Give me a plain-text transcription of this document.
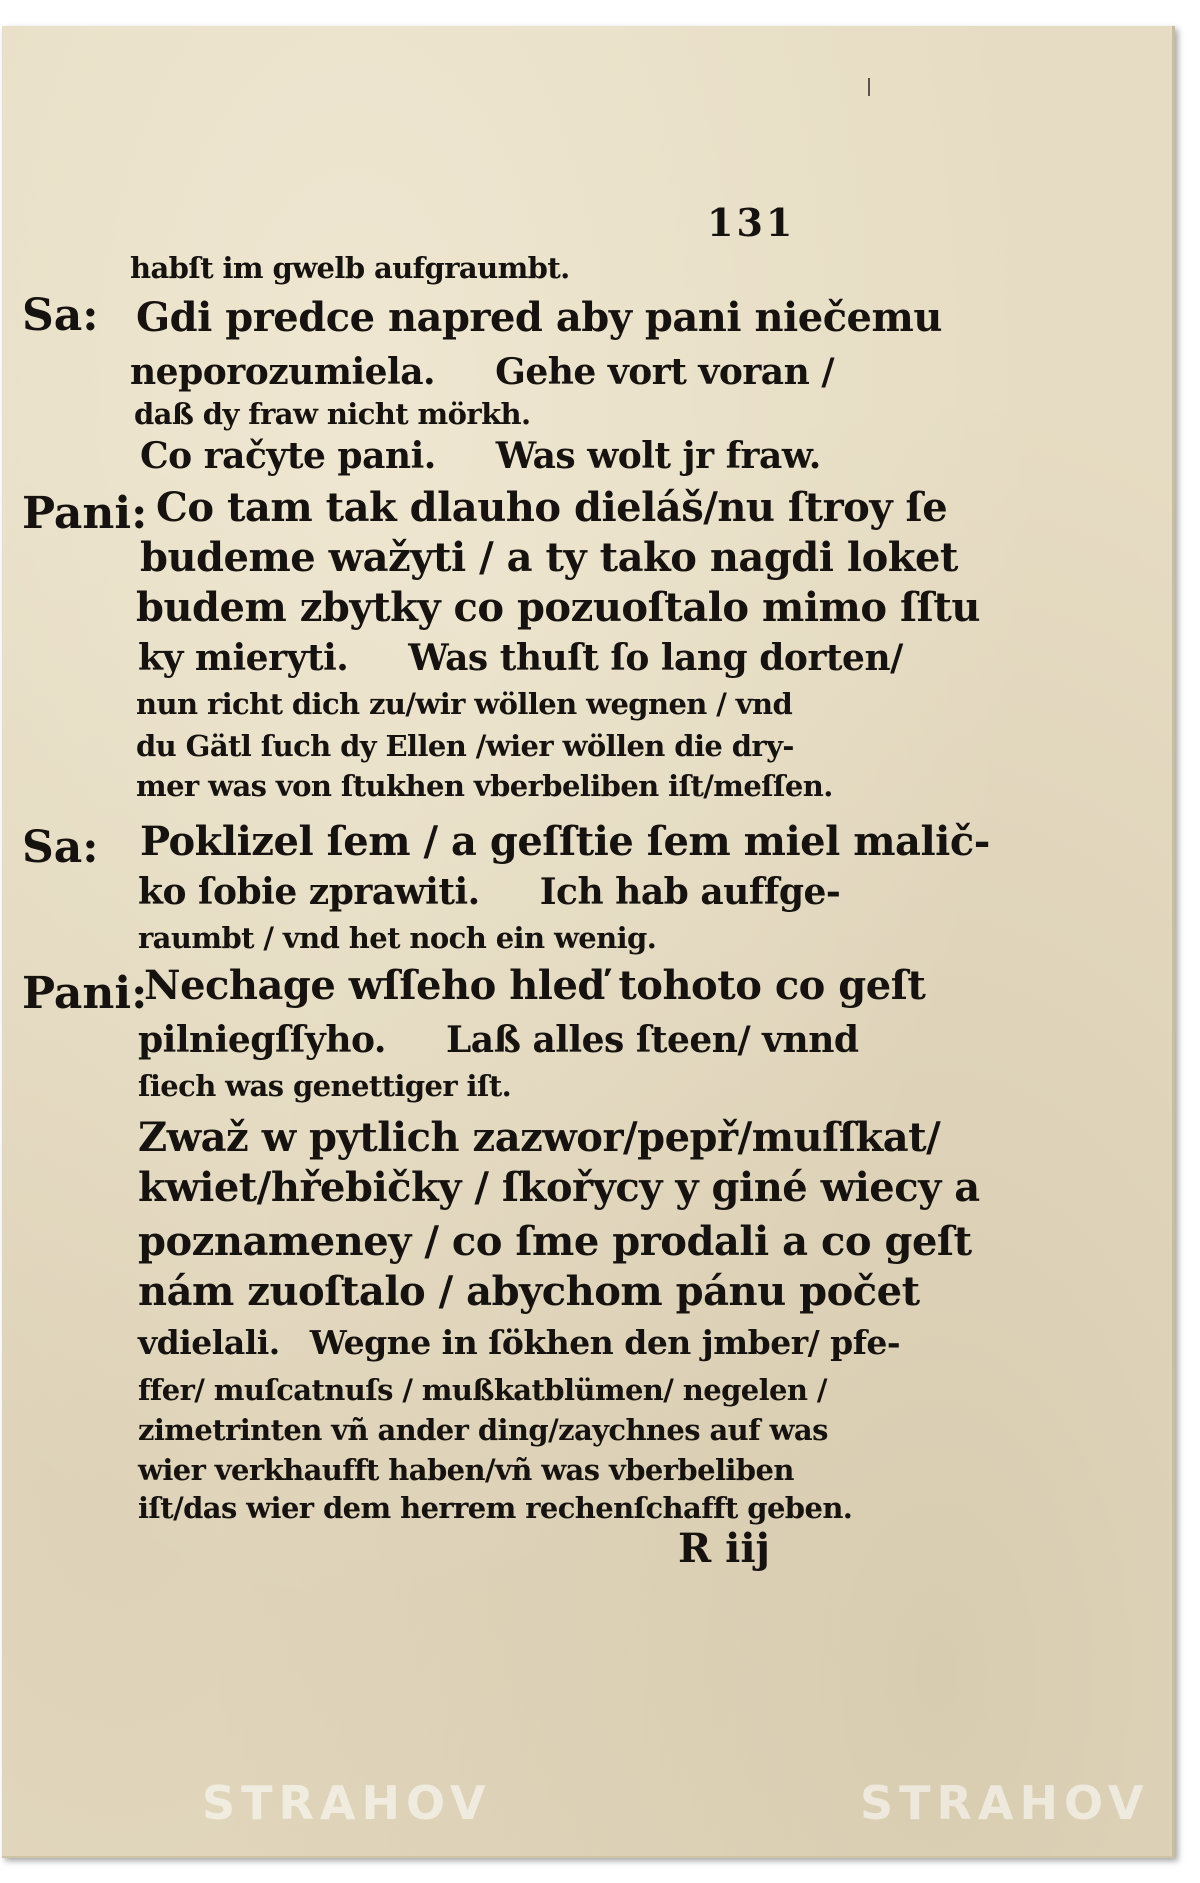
131
habſt im gwelb aufgraumbt.
Sa: Gdi predce napred aby pani niečemu
neporozumiela. Gehe vort voran /
daß dy fraw nicht mörkh.
Co račyte pani. Was wolt jr fraw.
Pani: Co tam tak dlauho dieláš/nu ſtroy ſe
budeme wažyti / a ty tako nagdi loket
budem zbytky co pozuoſtalo mimo ſſtu
ky mieryti. Was thuſt ſo lang dorten/
nun richt dich zu/wir wöllen wegnen / vnd
du Gätl ſuch dy Ellen /wier wöllen die dry-
mer was von ſtukhen vberbeliben iſt/meſſen.
Sa: Poklizel ſem / a geſſtie ſem miel malič-
ko ſobie zprawiti. Ich hab auffge-
raumbt / vnd het noch ein wenig.
Pani:
Nechage wſſeho hleď tohoto co geſt
pilniegſſyho. Laß alles ſteen/ vnnd
ſiech was genettiger iſt.
Zwaž w pytlich zazwor/pepř/muſſkat/
kwiet/hřebičky / ſkořycy y giné wiecy a
poznameney / co ſme prodali a co geſt
nám zuoſtalo / abychom pánu počet
vdielali. Wegne in ſökhen den jmber/ pfe-
ffer/ muſcatnuſs / mußkatblümen/ negelen /
zimetrinten vñ ander ding/zaychnes auf was
wier verkhaufft haben/vñ was vberbeliben
iſt/das wier dem herrem rechenſchafft geben.
R iij
STRAHOV	STRAHOV
